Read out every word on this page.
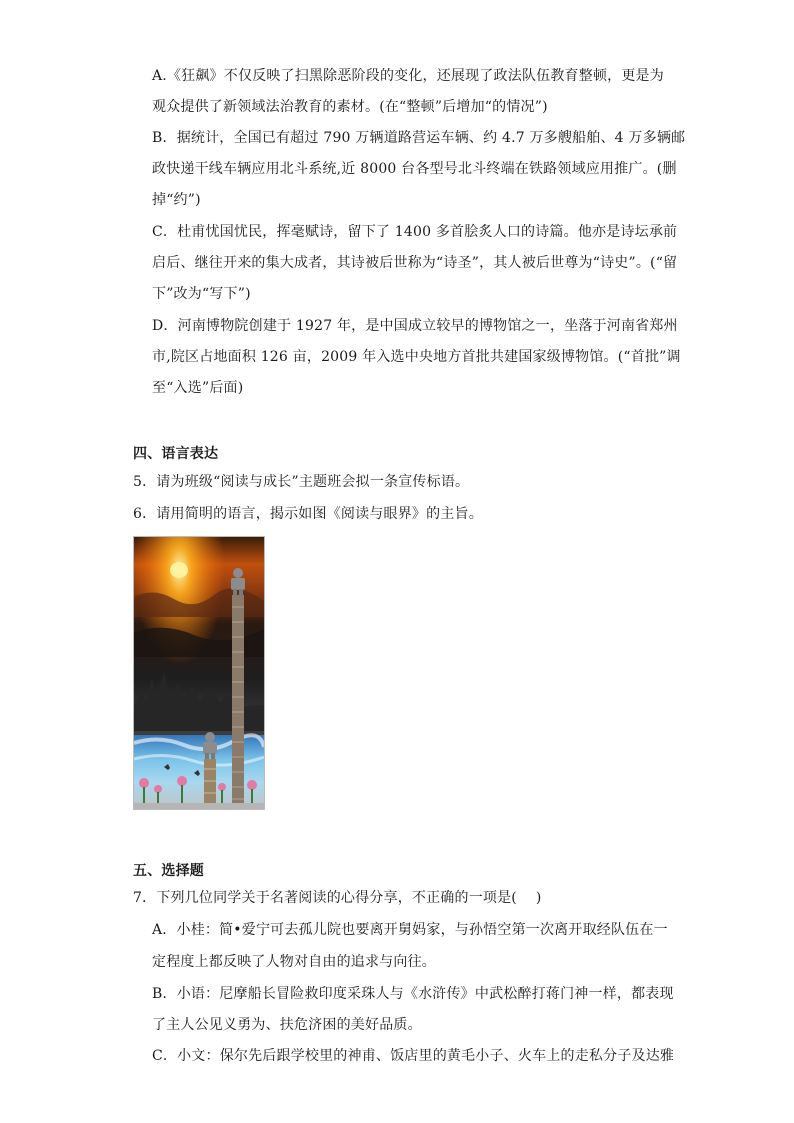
A.《狂飙》不仅反映了扫黑除恶阶段的变化，还展现了政法队伍教育整顿，更是为
观众提供了新领域法治教育的素材。(在“整顿”后增加“的情况”)
B．据统计，全国已有超过 790 万辆道路营运车辆、约 4.7 万多艘船舶、4 万多辆邮
政快递干线车辆应用北斗系统,近 8000 台各型号北斗终端在铁路领域应用推广。(删
掉“约”)
C．杜甫忧国忧民，挥毫赋诗，留下了 1400 多首脍炙人口的诗篇。他亦是诗坛承前
启后、继往开来的集大成者，其诗被后世称为“诗圣”，其人被后世尊为“诗史”。(“留
下”改为“写下”)
D．河南博物院创建于 1927 年，是中国成立较早的博物馆之一，坐落于河南省郑州
市,院区占地面积 126 亩，2009 年入选中央地方首批共建国家级博物馆。(“首批”调
至“入选”后面)
四、语言表达
5．请为班级“阅读与成长”主题班会拟一条宣传标语。
6．请用简明的语言，揭示如图《阅读与眼界》的主旨。
五、选择题
7．下列几位同学关于名著阅读的心得分享，不正确的一项是(　 )
A．小桂：简•爱宁可去孤儿院也要离开舅妈家，与孙悟空第一次离开取经队伍在一
定程度上都反映了人物对自由的追求与向往。
B．小语：尼摩船长冒险救印度采珠人与《水浒传》中武松醉打蒋门神一样，都表现
了主人公见义勇为、扶危济困的美好品质。
C．小文：保尔先后跟学校里的神甫、饭店里的黄毛小子、火车上的走私分子及达雅
